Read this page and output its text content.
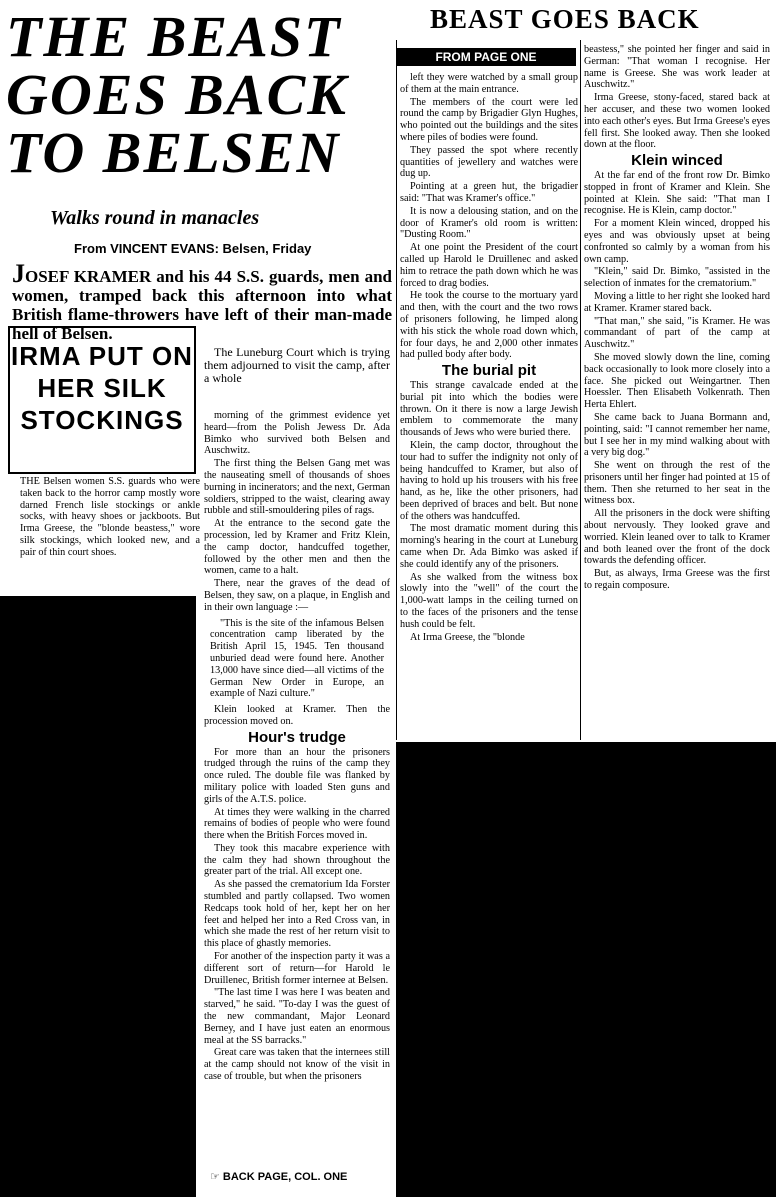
THE BEAST
GOES BACK
TO BELSEN
Walks round in manacles
From VINCENT EVANS: Belsen, Friday
JOSEF KRAMER and his 44 S.S. guards, men and women, tramped back this afternoon into what British flame-throwers have left of their man-made hell of Belsen.
IRMA PUT ON
HER SILK
STOCKINGS
THE Belsen women S.S. guards who were taken back to the horror camp mostly wore darned French lisle stockings or ankle socks, with heavy shoes or jackboots. But Irma Greese, the "blonde beastess," wore silk stockings, which looked new, and a pair of thin court shoes.

The Luneburg Court which is trying them adjourned to visit the camp, after a whole

morning of the grimmest evidence yet heard—from the Polish Jewess Dr. Ada Bimko who survived both Belsen and Auschwitz.

The first thing the Belsen Gang met was the nauseating smell of thousands of shoes burning in incinerators; and the next, German soldiers, stripped to the waist, clearing away rubble and still-smouldering piles of rags.

At the entrance to the second gate the procession, led by Kramer and Fritz Klein, the camp doctor, handcuffed together, followed by the other men and then the women, came to a halt.

There, near the graves of the dead of Belsen, they saw, on a plaque, in English and in their own language :—

"This is the site of the infamous Belsen concentration camp liberated by the British April 15, 1945. Ten thousand unburied dead were found here. Another 13,000 have since died—all victims of the German New Order in Europe, an example of Nazi culture."

Klein looked at Kramer. Then the procession moved on.

Hour's trudge

For more than an hour the prisoners trudged through the ruins of the camp they once ruled. The double file was flanked by military police with loaded Sten guns and girls of the A.T.S. police.

At times they were walking in the charred remains of bodies of people who were found there when the British Forces moved in.

They took this macabre experience with the calm they had shown throughout the greater part of the trial. All except one.

As she passed the crematorium Ida Forster stumbled and partly collapsed. Two women Redcaps took hold of her, kept her on her feet and helped her into a Red Cross van, in which she made the rest of her return visit to this place of ghastly memories.

For another of the inspection party it was a different sort of return—for Harold le Druillenec, British former internee at Belsen.

"The last time I was here I was beaten and starved," he said. "To-day I was the guest of the new commandant, Major Leonard Berney, and I have just eaten an enormous meal at the SS barracks."

Great care was taken that the internees still at the camp should not know of the visit in case of trouble, but when the prisoners

☞ BACK PAGE, COL. ONE
BEAST GOES BACK
FROM PAGE ONE

left they were watched by a small group of them at the main entrance.

The members of the court were led round the camp by Brigadier Glyn Hughes, who pointed out the buildings and the sites where piles of bodies were found.

They passed the spot where recently quantities of jewellery and watches were dug up.

Pointing at a green hut, the brigadier said: "That was Kramer's office."

It is now a delousing station, and on the door of Kramer's old room is written: "Dusting Room."

At one point the President of the court called up Harold le Druillenec and asked him to retrace the path down which he was forced to drag bodies.

He took the course to the mortuary yard and then, with the court and the two rows of prisoners following, he limped along with his stick the whole road down which, for four days, he and 2,000 other inmates had pulled body after body.

The burial pit

This strange cavalcade ended at the burial pit into which the bodies were thrown. On it there is now a large Jewish emblem to commemorate the many thousands of Jews who were buried there.

Klein, the camp doctor, throughout the tour had to suffer the indignity not only of being handcuffed to Kramer, but also of having to hold up his trousers with his free hand, as he, like the other prisoners, had been deprived of braces and belt. But none of the others was handcuffed.

The most dramatic moment during this morning's hearing in the court at Luneburg came when Dr. Ada Bimko was asked if she could identify any of the prisoners.

As she walked from the witness box slowly into the "well" of the court the 1,000-watt lamps in the ceiling turned on to the faces of the prisoners and the tense hush could be felt.

At Irma Greese, the "blonde

beastess," she pointed her finger and said in German: "That woman I recognise. Her name is Greese. She was work leader at Auschwitz."

Irma Greese, stony-faced, stared back at her accuser, and these two women looked into each other's eyes. But Irma Greese's eyes fell first. She looked away. Then she looked down at the floor.

Klein winced

At the far end of the front row Dr. Bimko stopped in front of Kramer and Klein. She pointed at Klein. She said: "That man I recognise. He is Klein, camp doctor."

For a moment Klein winced, dropped his eyes and was obviously upset at being confronted so calmly by a woman from his own camp.

"Klein," said Dr. Bimko, "assisted in the selection of inmates for the crematorium."

Moving a little to her right she looked hard at Kramer. Kramer stared back.

"That man," she said, "is Kramer. He was commandant of part of the camp at Auschwitz."

She moved slowly down the line, coming back occasionally to look more closely into a face. She picked out Weingartner. Then Hoessler. Then Elisabeth Volkenrath. Then Herta Ehlert.

She came back to Juana Bormann and, pointing, said: "I cannot remember her name, but I see her in my mind walking about with a very big dog."

She went on through the rest of the prisoners until her finger had pointed at 15 of them. Then she returned to her seat in the witness box.

All the prisoners in the dock were shifting about nervously. They looked grave and worried. Klein leaned over to talk to Kramer and both leaned over the front of the dock towards the defending officer.

But, as always, Irma Greese was the first to regain composure.
